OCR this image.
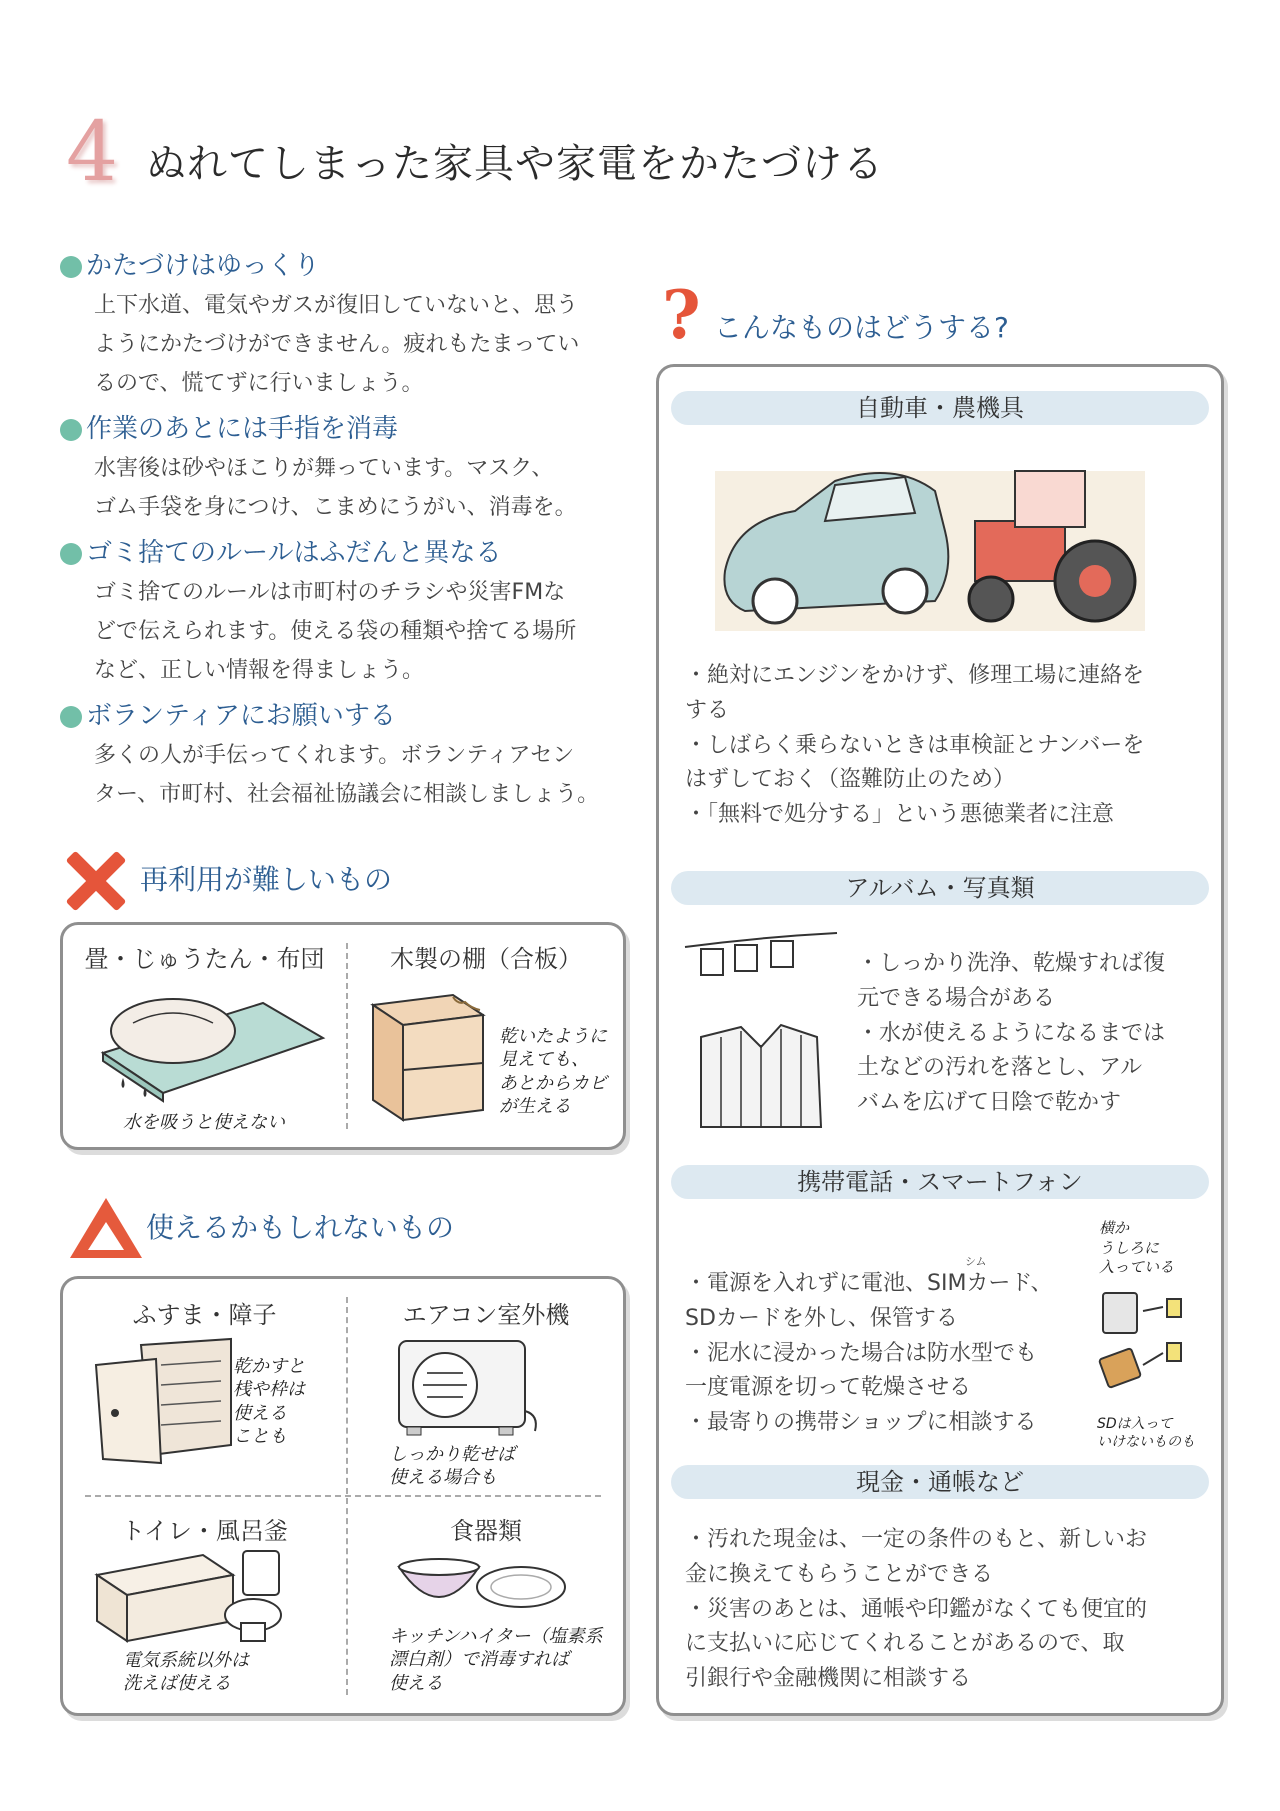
4 ぬれてしまった家具や家電をかたづける
かたづけはゆっくり
上下水道、電気やガスが復旧していないと、思う
ようにかたづけができません。疲れもたまってい
るので、慌てずに行いましょう。
作業のあとには手指を消毒
水害後は砂やほこりが舞っています。マスク、
ゴム手袋を身につけ、こまめにうがい、消毒を。
ゴミ捨てのルールはふだんと異なる
ゴミ捨てのルールは市町村のチラシや災害FMな
どで伝えられます。使える袋の種類や捨てる場所
など、正しい情報を得ましょう。
ボランティアにお願いする
多くの人が手伝ってくれます。ボランティアセン
ター、市町村、社会福祉協議会に相談しましょう。
再利用が難しいもの
畳・じゅうたん・布団	木製の棚（合板）
水を吸うと使えない
乾いたように
見えても、
あとからカビ
が生える
使えるかもしれないもの
ふすま・障子	エアコン室外機
トイレ・風呂釜	食器類
乾かすと
桟や枠は
使える
ことも
しっかり乾せば
使える場合も
電気系統以外は
洗えば使える
キッチンハイター（塩素系
漂白剤）で消毒すれば
使える
? こんなものはどうする?
自動車・農機具
・絶対にエンジンをかけず、修理工場に連絡を
する
・しばらく乗らないときは車検証とナンバーを
はずしておく（盗難防止のため）
・「無料で処分する」という悪徳業者に注意
アルバム・写真類
・しっかり洗浄、乾燥すれば復
元できる場合がある
・水が使えるようになるまでは
土などの汚れを落とし、アル
バムを広げて日陰で乾かす
携帯電話・スマートフォン
シム
・電源を入れずに電池、SIMカード、
SDカードを外し、保管する
・泥水に浸かった場合は防水型でも
一度電源を切って乾燥させる
・最寄りの携帯ショップに相談する
横か
うしろに
入っている
SDは入って
いけないものも
現金・通帳など
・汚れた現金は、一定の条件のもと、新しいお
金に換えてもらうことができる
・災害のあとは、通帳や印鑑がなくても便宜的
に支払いに応じてくれることがあるので、取
引銀行や金融機関に相談する
